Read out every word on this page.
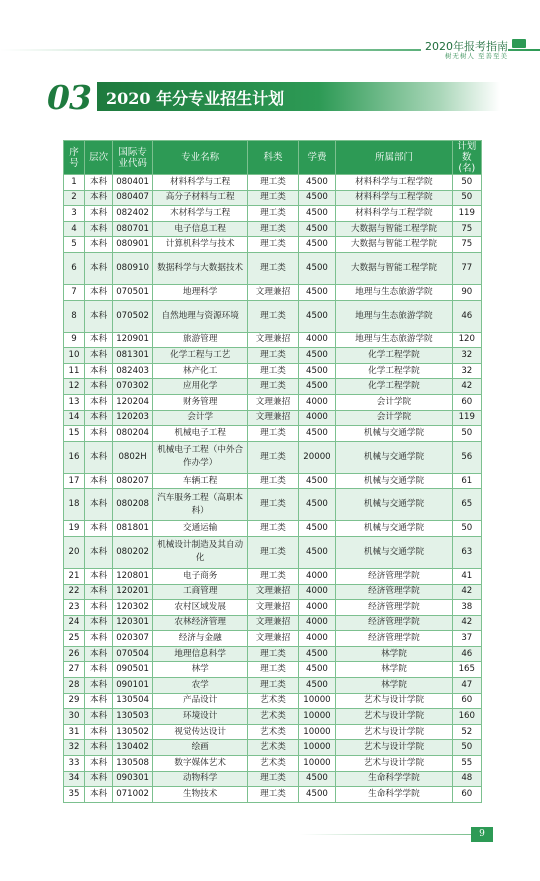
2020年报考指南
树无树人 至善至美
03 2020 年分专业招生计划
序号	层次	国际专业代码	专业名称	科类	学费	所属部门	计划数(名)
1	本科	080401	材料科学与工程	理工类	4500	材料科学与工程学院	50
2	本科	080407	高分子材料与工程	理工类	4500	材料科学与工程学院	50
3	本科	082402	木材科学与工程	理工类	4500	材料科学与工程学院	119
4	本科	080701	电子信息工程	理工类	4500	大数据与智能工程学院	75
5	本科	080901	计算机科学与技术	理工类	4500	大数据与智能工程学院	75
6	本科	080910	数据科学与大数据技术	理工类	4500	大数据与智能工程学院	77
7	本科	070501	地理科学	文理兼招	4500	地理与生态旅游学院	90
8	本科	070502	自然地理与资源环境	理工类	4500	地理与生态旅游学院	46
9	本科	120901	旅游管理	文理兼招	4000	地理与生态旅游学院	120
10	本科	081301	化学工程与工艺	理工类	4500	化学工程学院	32
11	本科	082403	林产化工	理工类	4500	化学工程学院	32
12	本科	070302	应用化学	理工类	4500	化学工程学院	42
13	本科	120204	财务管理	文理兼招	4000	会计学院	60
14	本科	120203	会计学	文理兼招	4000	会计学院	119
15	本科	080204	机械电子工程	理工类	4500	机械与交通学院	50
16	本科	0802H	机械电子工程（中外合作办学）	理工类	20000	机械与交通学院	56
17	本科	080207	车辆工程	理工类	4500	机械与交通学院	61
18	本科	080208	汽车服务工程（高职本科）	理工类	4500	机械与交通学院	65
19	本科	081801	交通运输	理工类	4500	机械与交通学院	50
20	本科	080202	机械设计制造及其自动化	理工类	4500	机械与交通学院	63
21	本科	120801	电子商务	理工类	4000	经济管理学院	41
22	本科	120201	工商管理	文理兼招	4000	经济管理学院	42
23	本科	120302	农村区域发展	文理兼招	4000	经济管理学院	38
24	本科	120301	农林经济管理	文理兼招	4000	经济管理学院	42
25	本科	020307	经济与金融	文理兼招	4000	经济管理学院	37
26	本科	070504	地理信息科学	理工类	4500	林学院	46
27	本科	090501	林学	理工类	4500	林学院	165
28	本科	090101	农学	理工类	4500	林学院	47
29	本科	130504	产品设计	艺术类	10000	艺术与设计学院	60
30	本科	130503	环境设计	艺术类	10000	艺术与设计学院	160
31	本科	130502	视觉传达设计	艺术类	10000	艺术与设计学院	52
32	本科	130402	绘画	艺术类	10000	艺术与设计学院	50
33	本科	130508	数字媒体艺术	艺术类	10000	艺术与设计学院	55
34	本科	090301	动物科学	理工类	4500	生命科学学院	48
35	本科	071002	生物技术	理工类	4500	生命科学学院	60
9
